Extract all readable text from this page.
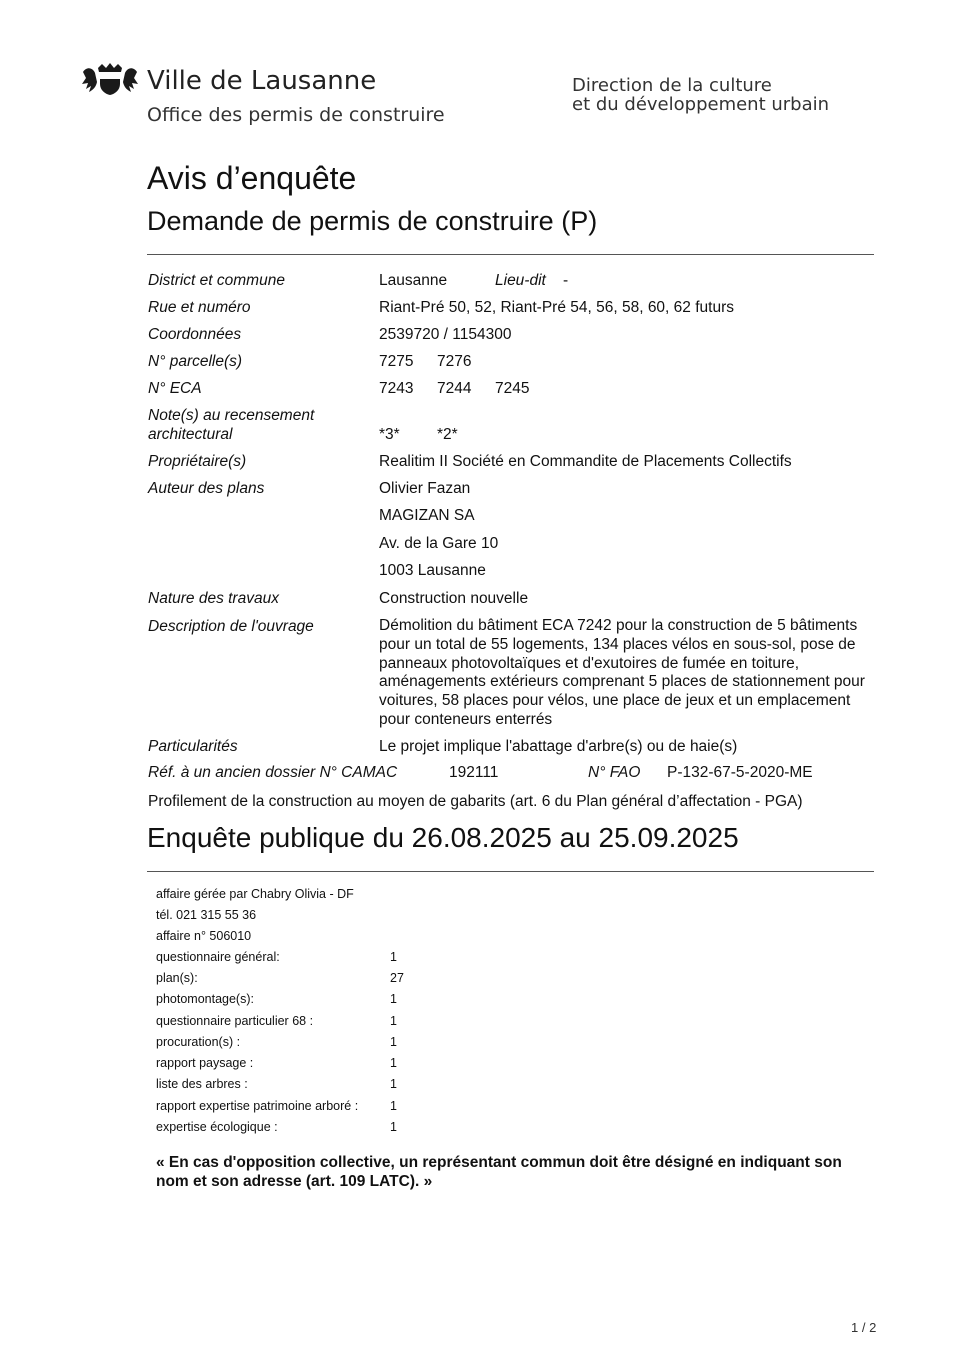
Ville de Lausanne
Office des permis de construire
Direction de la culture
et du développement urbain
Avis d’enquête
Demande de permis de construire (P)
District et commune	Lausanne	Lieu-dit -
Rue et numéro	Riant-Pré 50, 52, Riant-Pré 54, 56, 58, 60, 62 futurs
Coordonnées	2539720 / 1154300
N° parcelle(s)	7275 7276
N° ECA	7243 7244 7245
Note(s) au recensement
architectural	*3* *2*
Propriétaire(s)	Realitim II Société en Commandite de Placements Collectifs
Auteur des plans	Olivier Fazan
MAGIZAN SA
Av. de la Gare 10
1003 Lausanne
Nature des travaux	Construction nouvelle
Description de l'ouvrage	Démolition du bâtiment ECA 7242 pour la construction de 5 bâtiments pour un total de 55 logements, 134 places vélos en sous-sol, pose de panneaux photovoltaïques et d'exutoires de fumée en toiture, aménagements extérieurs comprenant 5 places de stationnement pour voitures, 58 places pour vélos, une place de jeux et un emplacement pour conteneurs enterrés
Particularités	Le projet implique l'abattage d'arbre(s) ou de haie(s)
Réf. à un ancien dossier N° CAMAC	192111	N° FAO P-132-67-5-2020-ME
Profilement de la construction au moyen de gabarits (art. 6 du Plan général d’affectation - PGA)
Enquête publique du 26.08.2025 au 25.09.2025
affaire gérée par Chabry Olivia - DF
tél. 021 315 55 36
affaire n° 506010
questionnaire général:	1
plan(s):	27
photomontage(s):	1
questionnaire particulier 68 :	1
procuration(s) :	1
rapport paysage :	1
liste des arbres :	1
rapport expertise patrimoine arboré :	1
expertise écologique :	1
« En cas d'opposition collective, un représentant commun doit être désigné en indiquant son nom et son adresse (art. 109 LATC). »
1 / 2
